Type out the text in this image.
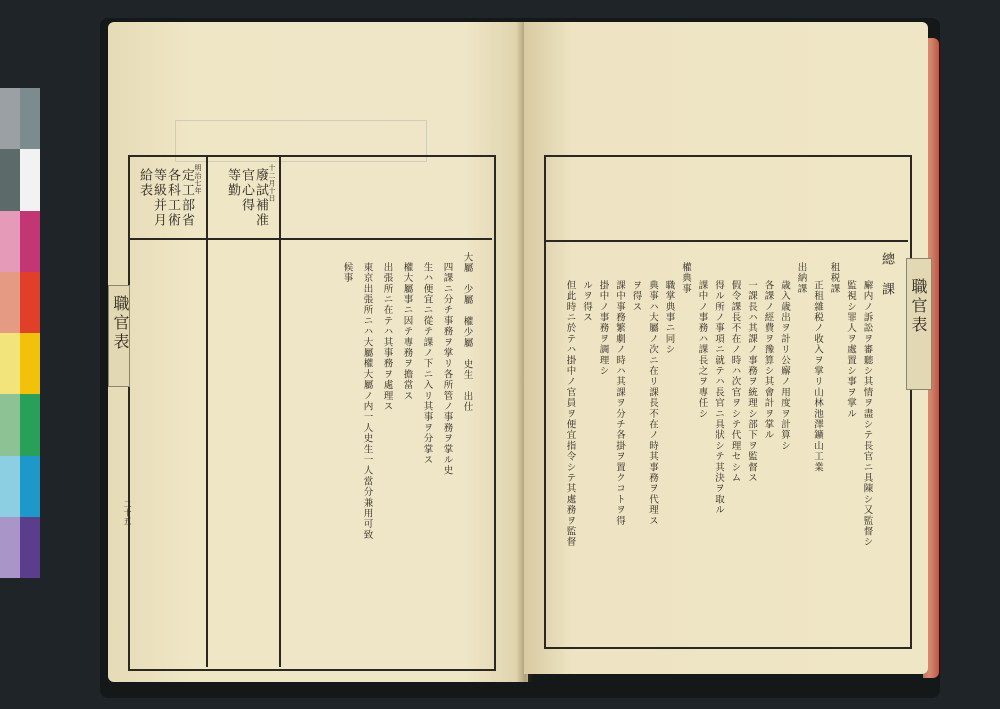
明治七年
定工部省
各科工術
等級并月
給表	十二月十日
廢試補准
官心得
等勤
職官表	大屬　少屬　權少屬　史生　出仕
四課ニ分チ事務ヲ掌リ各所管ノ事務ヲ掌ル史
生ハ便宜ニ從テ課ノ下ニ入リ其事ヲ分掌ス
權大屬事ニ因テ專務ヲ擔當ス
出張所ニ在テハ其事務ヲ處理ス
東京出張所ニハ大屬權大屬ノ内一人史生一人當分兼用可致
候事
二十五
職官表
總　課
廨内ノ訴訟ヲ審聽シ其情ヲ盡シテ長官ニ具陳シ又監督シ
監視シ罪人ヲ處置シ事ヲ掌ル
租税課
正租雜税ノ收入ヲ掌リ山林池澤鑛山工業
出納課
歳入歳出ヲ計リ公廨ノ用度ヲ計算シ
各課ノ經費ヲ豫算シ其會計ヲ掌ル
一課長ハ其課ノ事務ヲ統理シ部下ヲ監督ス
假令課長不在ノ時ハ次官ヲシテ代理セシム
得ル所ノ事項ニ就テハ長官ニ具狀シテ其決ヲ取ル
課中ノ事務ハ課長之ヲ專任シ
權典事
職掌典事ニ同シ
典事ハ大屬ノ次ニ在リ課長不在ノ時其事務ヲ代理ス
ヲ得ス
課中事務繁劇ノ時ハ其課ヲ分チ各掛ヲ置クコトヲ得
掛中ノ事務ヲ調理シ
ルヲ得ス
但此時ニ於テハ掛中ノ官員ヲ便宜指令シテ其處務ヲ監督
